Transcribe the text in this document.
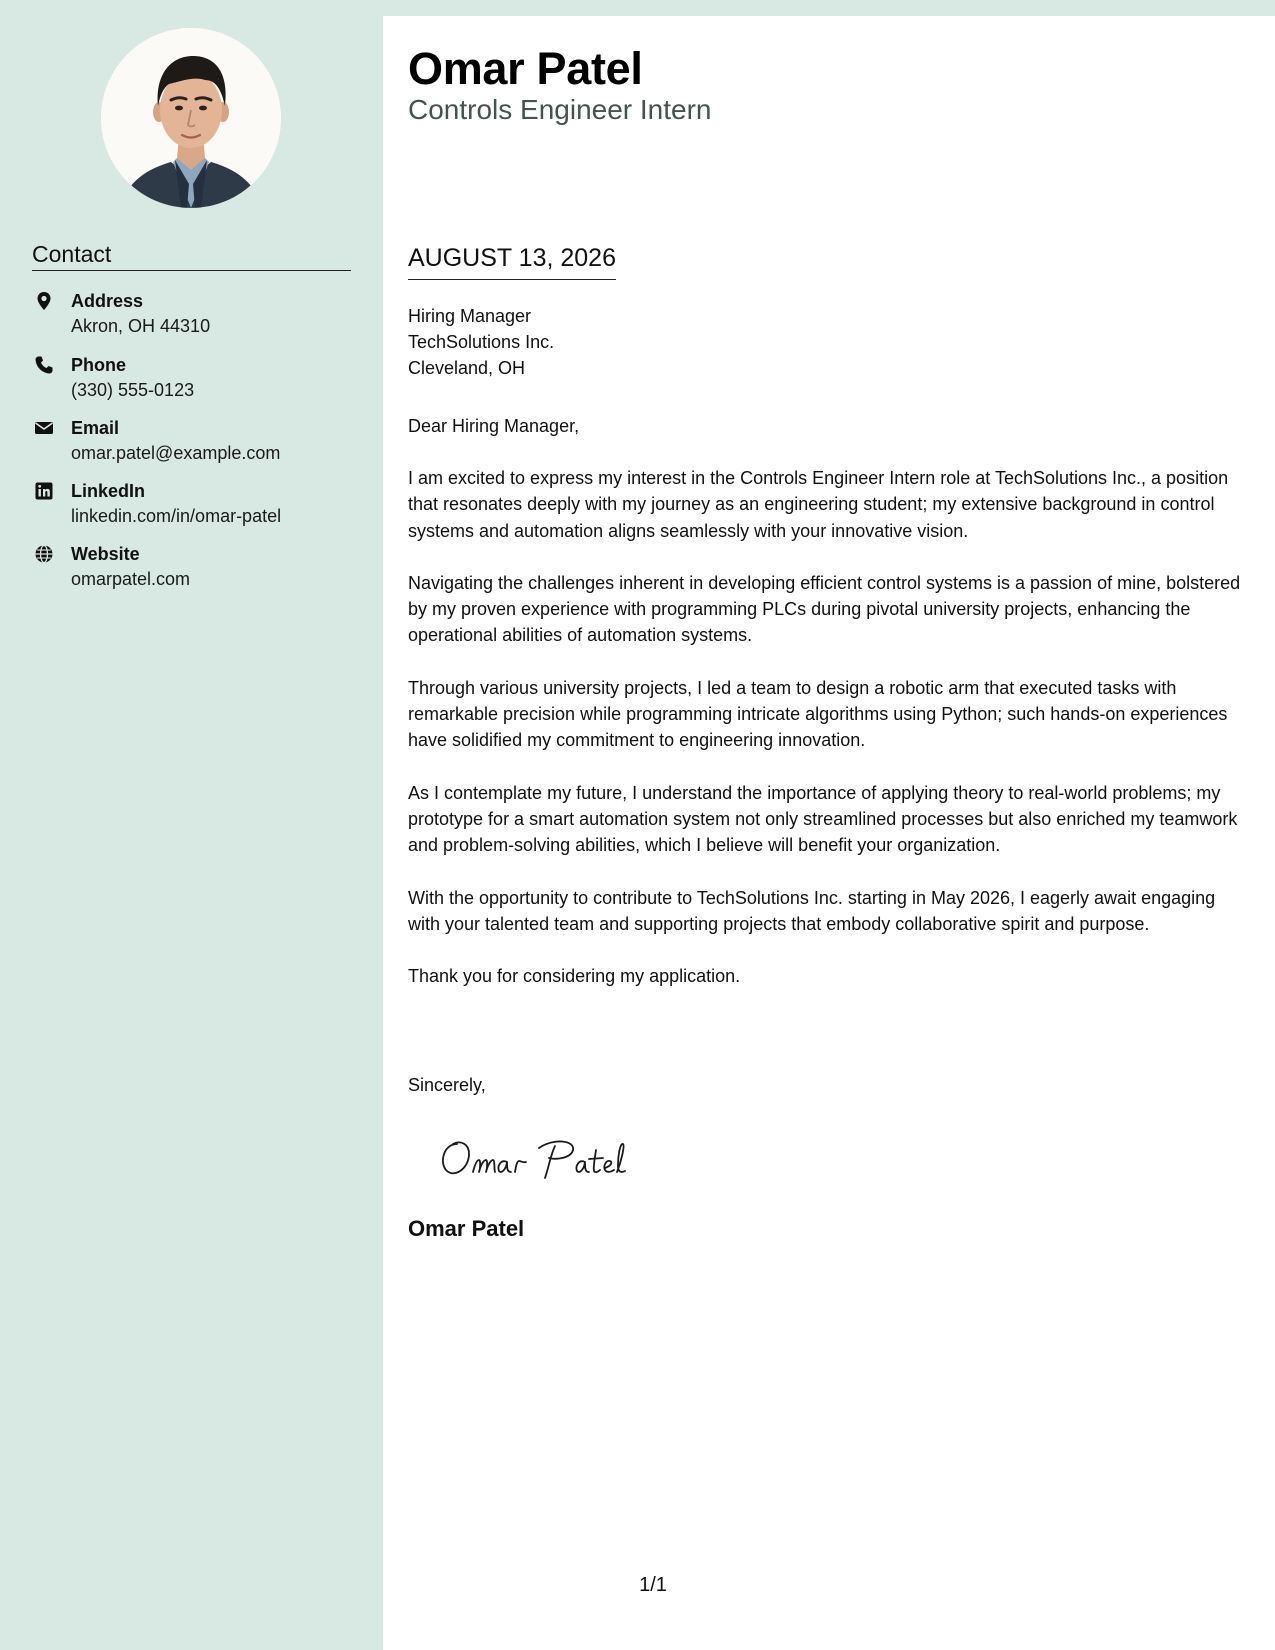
Contact
Address
Akron, OH 44310
Phone
(330) 555-0123
Email
omar.patel@example.com
LinkedIn
linkedin.com/in/omar-patel
Website
omarpatel.com
Omar Patel
Controls Engineer Intern
AUGUST 13, 2026
Hiring Manager
TechSolutions Inc.
Cleveland, OH
Dear Hiring Manager,

I am excited to express my interest in the Controls Engineer Intern role at TechSolutions Inc., a position that resonates deeply with my journey as an engineering student; my extensive background in control systems and automation aligns seamlessly with your innovative vision.

Navigating the challenges inherent in developing efficient control systems is a passion of mine, bolstered by my proven experience with programming PLCs during pivotal university projects, enhancing the operational abilities of automation systems.

Through various university projects, I led a team to design a robotic arm that executed tasks with remarkable precision while programming intricate algorithms using Python; such hands-on experiences have solidified my commitment to engineering innovation.

As I contemplate my future, I understand the importance of applying theory to real-world problems; my prototype for a smart automation system not only streamlined processes but also enriched my teamwork and problem-solving abilities, which I believe will benefit your organization.

With the opportunity to contribute to TechSolutions Inc. starting in May 2026, I eagerly await engaging with your talented team and supporting projects that embody collaborative spirit and purpose.

Thank you for considering my application.

Sincerely,
Omar Patel
1/1
